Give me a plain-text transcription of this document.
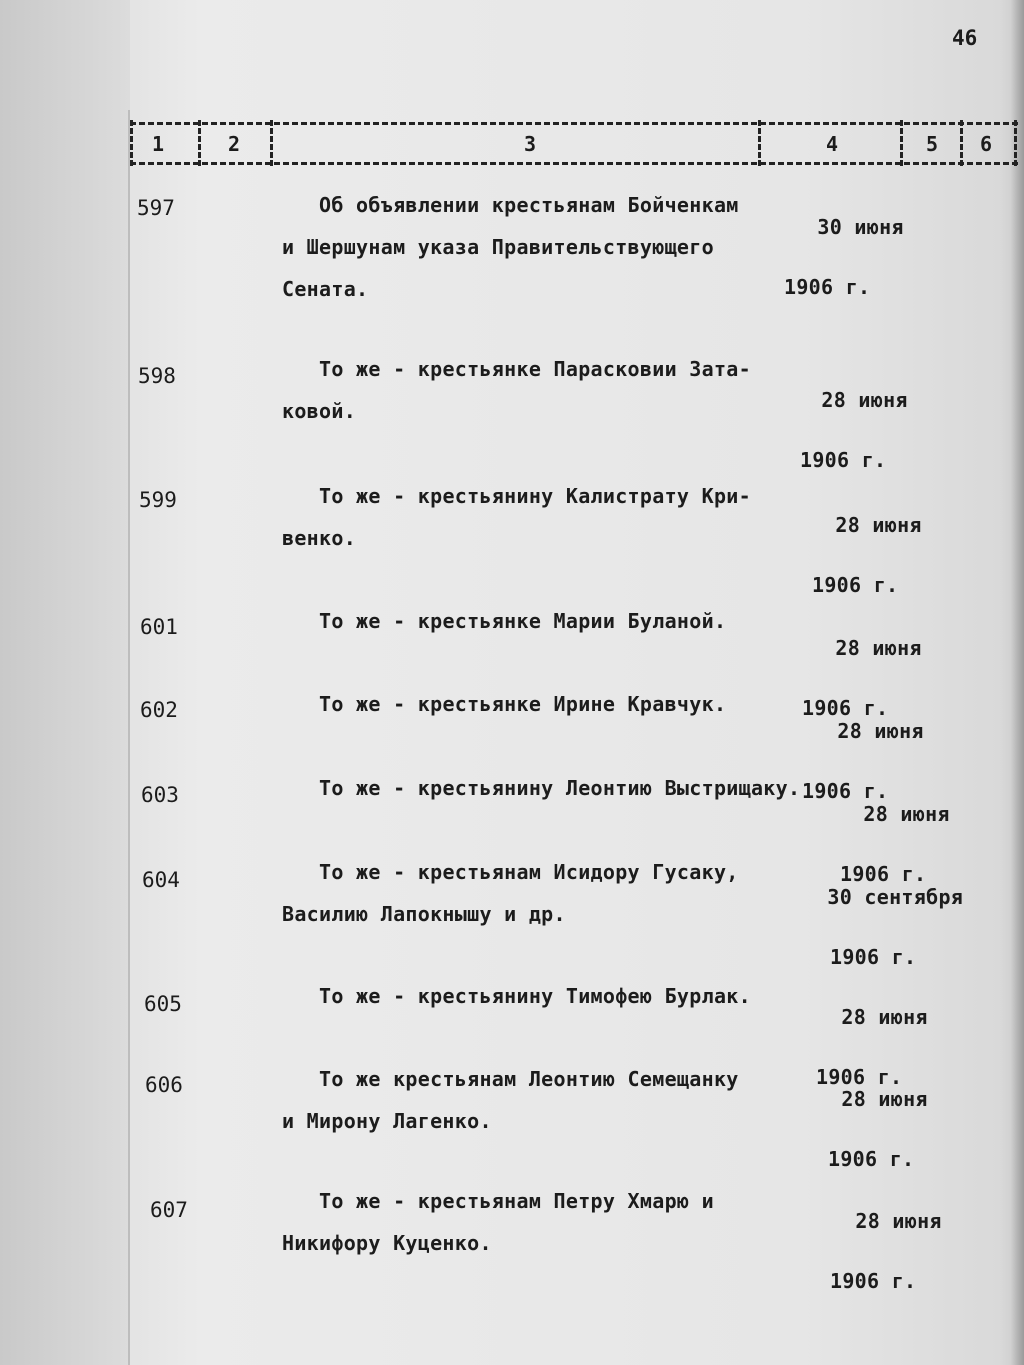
46
1	2	3	4	5 6
597	Об объявлении крестьянам Бойченкам
и Шершунам указа Правительствующего
Сената.

30 июня

1906 г.

598	То же - крестьянке Парасковии Зата-
ковой.	28 июня

1906 г.

599	То же - крестьянину Калистрату Кри-
венко.

28 июня

1906 г.

601	То же - крестьянке Марии Буланой.

28 июня

1906 г.

602	То же - крестьянке Ирине Кравчук.

28 июня

1906 г.

603	То же - крестьянину Леонтию Выстрищаку.

28 июня

1906 г.

604	То же - крестьянам Исидору Гусаку,
Василию Лапокнышу и др.

30 сентября

1906 г.

605	То же - крестьянину Тимофею Бурлак.

28 июня

1906 г.

606	То же крестьянам Леонтию Семещанку
и Мирону Лагенко.

28 июня

1906 г.

607	То же - крестьянам Петру Хмарю и
Никифору Куценко.

28 июня

1906 г.
